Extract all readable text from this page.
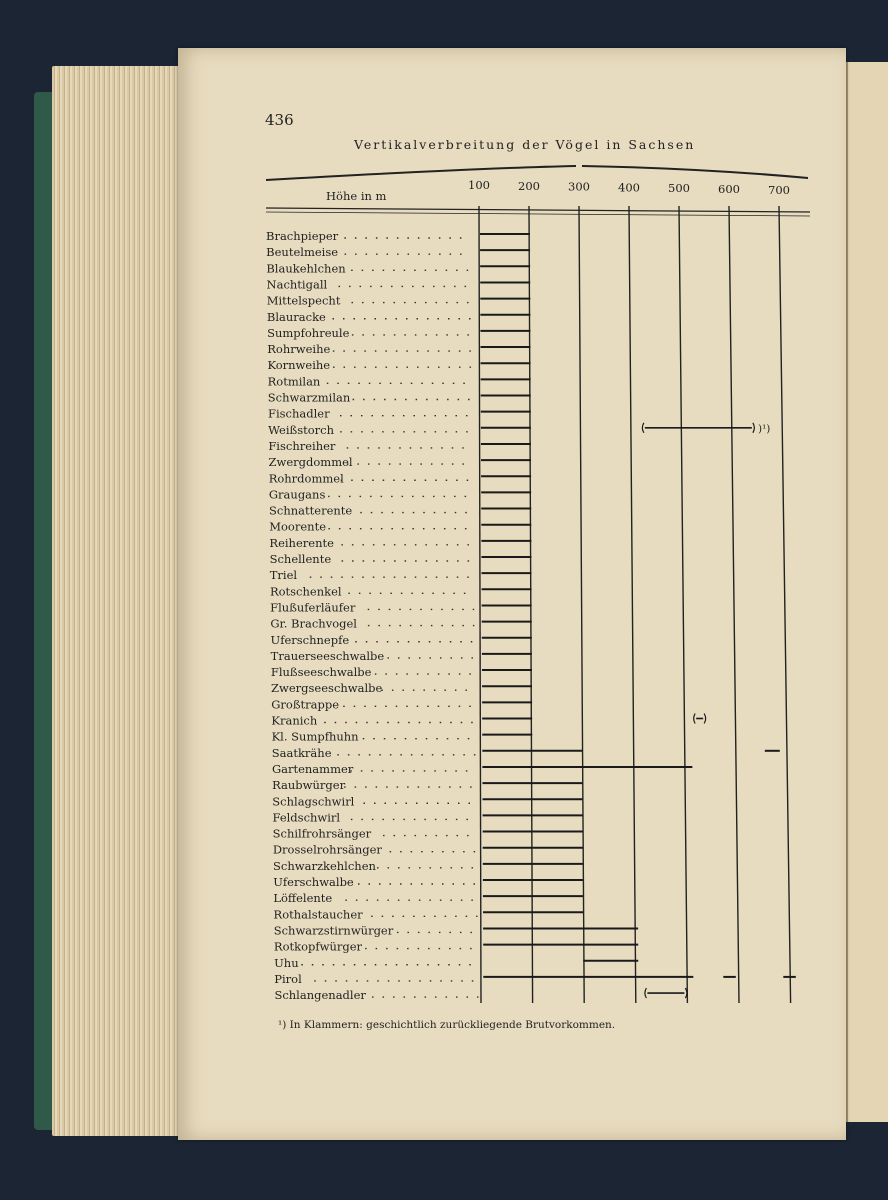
436
Vertikalverbreitung der Vögel in Sachsen
Höhe in m
100 200 300 400 500 600 700
Brachpieper
Beutelmeise
Blaukehlchen
Nachtigall
Mittelspecht
Blauracke
Sumpfohreule
Rohrweihe
Kornweihe
Rotmilan
Schwarzmilan
Fischadler
Weißstorch	)¹)
Fischreiher
Zwergdommel
Rohrdommel
Graugans
Schnatterente
Moorente
Reiherente
Schellente
Triel
Rotschenkel
Flußuferläufer
Gr. Brachvogel
Uferschnepfe
Trauerseeschwalbe
Flußseeschwalbe
Zwergseeschwalbe
Großtrappe
Kranich
Kl. Sumpfhuhn
Saatkrähe
Gartenammer
Raubwürger
Schlagschwirl
Feldschwirl
Schilfrohrsänger
Drosselrohrsänger
Schwarzkehlchen
Uferschwalbe
Löffelente
Rothalstaucher
Schwarzstirnwürger
Rotkopfwürger
Uhu
Pirol
Schlangenadler
¹) In Klammern: geschichtlich zurückliegende Brutvorkommen.
